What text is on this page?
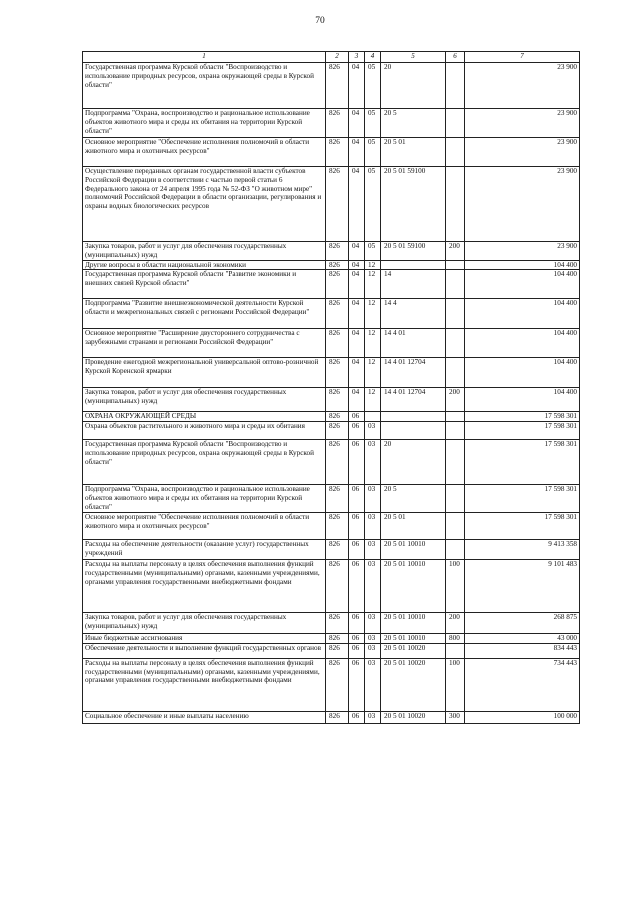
70
1	2	3	4	5	6	7
Государственная программа Курской области "Воспроизводство и использование природных ресурсов, охрана окружающей среды в Курской области"	826	04	05	20		23 900
Подпрограмма "Охрана, воспроизводство и рациональное использование объектов животного мира и среды их обитания на территории Курской области"	826	04	05	20 5		23 900
Основное мероприятие "Обеспечение исполнения полномочий в области животного мира и охотничьих ресурсов"	826	04	05	20 5 01		23 900
Осуществление переданных органам государственной власти субъектов Российской Федерации в соответствии с частью первой статьи 6 Федерального закона от 24 апреля 1995 года № 52-ФЗ "О животном мире" полномочий Российской Федерации в области организации, регулирования и охраны водных биологических ресурсов	826	04	05	20 5 01 59100		23 900
Закупка товаров, работ и услуг для обеспечения государственных (муниципальных) нужд	826	04	05	20 5 01 59100	200	23 900
Другие вопросы в области национальной экономики	826	04	12			104 400
Государственная программа Курской области "Развитие экономики и внешних связей Курской области"	826	04	12	14		104 400
Подпрограмма "Развитие внешнеэкономической деятельности Курской области и межрегиональных связей с регионами Российской Федерации"	826	04	12	14 4		104 400
Основное мероприятие "Расширение двустороннего сотрудничества с зарубежными странами и регионами Российской Федерации"	826	04	12	14 4 01		104 400
Проведение ежегодной межрегиональной универсальной оптово-розничной Курской Коренской ярмарки	826	04	12	14 4 01 12704		104 400
Закупка товаров, работ и услуг для обеспечения государственных (муниципальных) нужд	826	04	12	14 4 01 12704	200	104 400
ОХРАНА ОКРУЖАЮЩЕЙ СРЕДЫ	826	06				17 598 301
Охрана объектов растительного и животного мира и среды их обитания	826	06	03			17 598 301
Государственная программа Курской области "Воспроизводство и использование природных ресурсов, охрана окружающей среды в Курской области"	826	06	03	20		17 598 301
Подпрограмма "Охрана, воспроизводство и рациональное использование объектов животного мира и среды их обитания на территории Курской области"	826	06	03	20 5		17 598 301
Основное мероприятие "Обеспечение исполнения полномочий в области животного мира и охотничьих ресурсов"	826	06	03	20 5 01		17 598 301
Расходы на обеспечение деятельности (оказание услуг) государственных учреждений	826	06	03	20 5 01 10010		9 413 358
Расходы на выплаты персоналу в целях обеспечения выполнения функций государственными (муниципальными) органами, казенными учреждениями, органами управления государственными внебюджетными фондами	826	06	03	20 5 01 10010	100	9 101 483
Закупка товаров, работ и услуг для обеспечения государственных (муниципальных) нужд	826	06	03	20 5 01 10010	200	268 875
Иные бюджетные ассигнования	826	06	03	20 5 01 10010	800	43 000
Обеспечение деятельности и выполнение функций государственных органов	826	06	03	20 5 01 10020		834 443
Расходы на выплаты персоналу в целях обеспечения выполнения функций государственными (муниципальными) органами, казенными учреждениями, органами управления государственными внебюджетными фондами	826	06	03	20 5 01 10020	100	734 443
Социальное обеспечение и иные выплаты населению	826	06	03	20 5 01 10020	300	100 000
